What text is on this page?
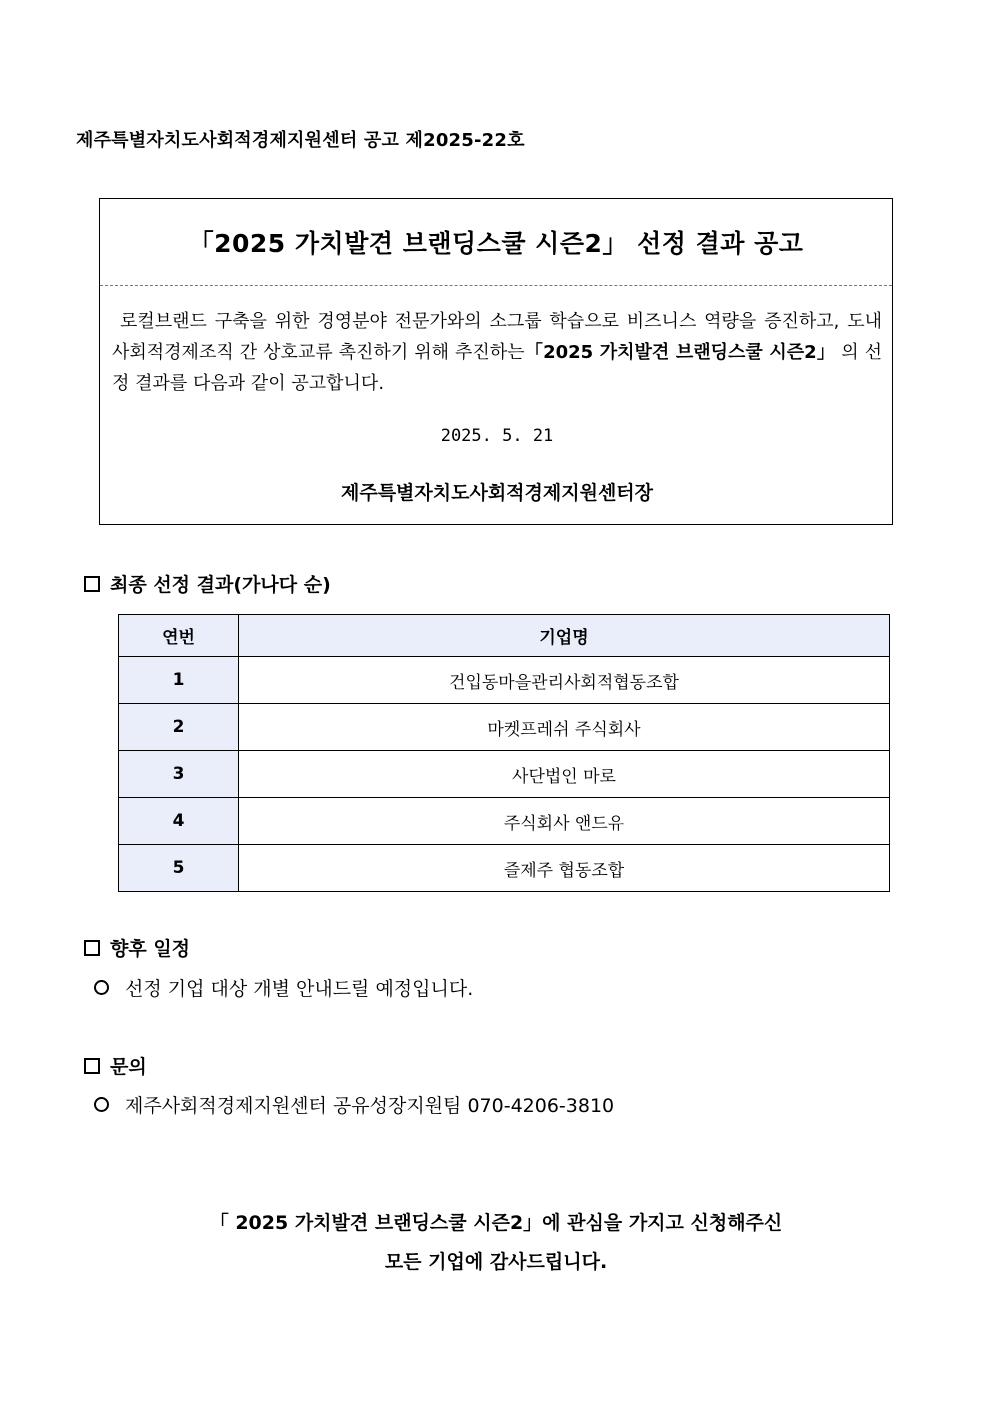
제주특별자치도사회적경제지원센터 공고 제2025-22호
「2025 가치발견 브랜딩스쿨 시즌2」 선정 결과 공고
로컬브랜드 구축을 위한 경영분야 전문가와의 소그룹 학습으로 비즈니스 역량을 증진하고, 도내 사회적경제조직 간 상호교류 촉진하기 위해 추진하는「2025 가치발견 브랜딩스쿨 시즌2」 의 선정 결과를 다음과 같이 공고합니다.
2025. 5. 21
제주특별자치도사회적경제지원센터장
최종 선정 결과(가나다 순)
연번	기업명
1	건입동마을관리사회적협동조합
2	마켓프레쉬 주식회사
3	사단법인 마로
4	주식회사 앤드유
5	즐제주 협동조합
향후 일정
선정 기업 대상 개별 안내드릴 예정입니다.
문의
제주사회적경제지원센터 공유성장지원팀 070-4206-3810
「 2025 가치발견 브랜딩스쿨 시즌2」에 관심을 가지고 신청해주신
모든 기업에 감사드립니다.
